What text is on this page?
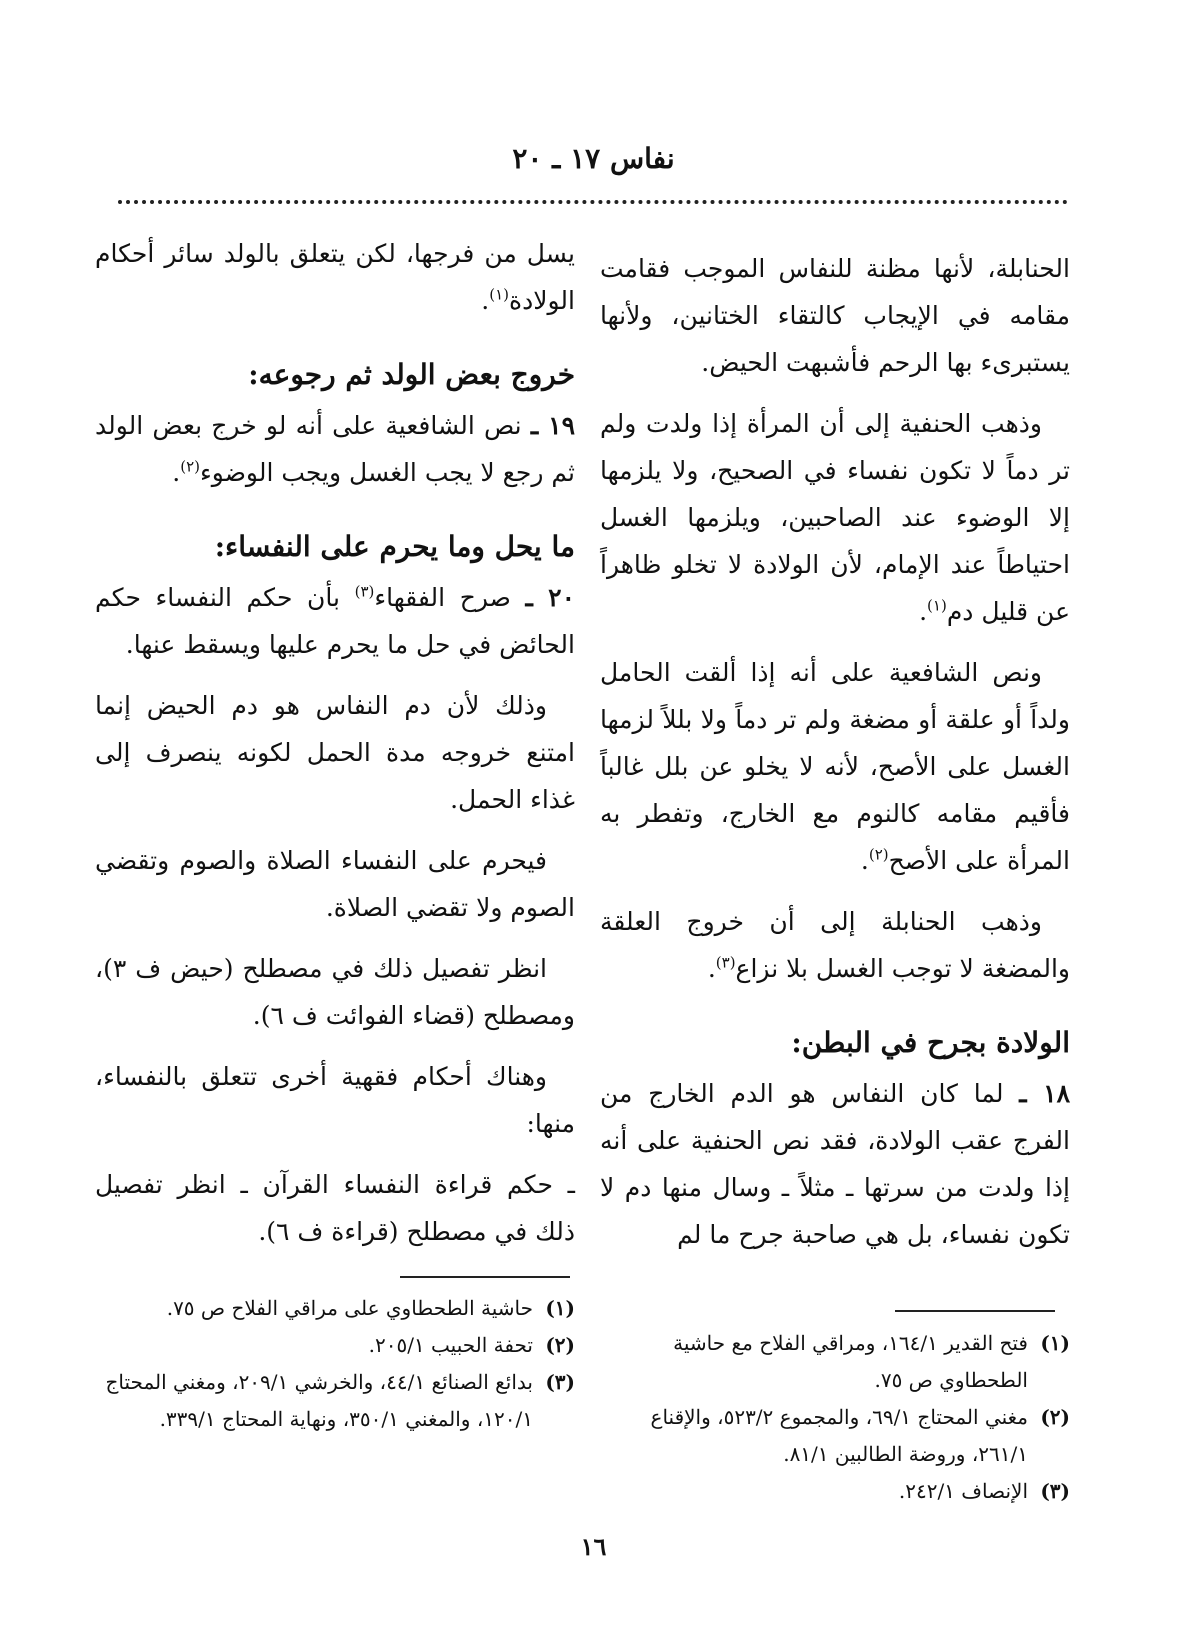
نفاس ١٧ ـ ٢٠

الحنابلة، لأنها مظنة للنفاس الموجب فقامت مقامه في الإيجاب كالتقاء الختانين، ولأنها يستبرىء بها الرحم فأشبهت الحيض.

وذهب الحنفية إلى أن المرأة إذا ولدت ولم تر دماً لا تكون نفساء في الصحيح، ولا يلزمها إلا الوضوء عند الصاحبين، ويلزمها الغسل احتياطاً عند الإمام، لأن الولادة لا تخلو ظاهراً عن قليل دم$^{(١)}$.

ونص الشافعية على أنه إذا ألقت الحامل ولداً أو علقة أو مضغة ولم تر دماً ولا بللاً لزمها الغسل على الأصح، لأنه لا يخلو عن بلل غالباً فأقيم مقامه كالنوم مع الخارج، وتفطر به المرأة على الأصح$^{(٢)}$.

وذهب الحنابلة إلى أن خروج العلقة والمضغة لا توجب الغسل بلا نزاع$^{(٣)}$.

الولادة بجرح في البطن:

١٨ ـ لما كان النفاس هو الدم الخارج من الفرج عقب الولادة، فقد نص الحنفية على أنه إذا ولدت من سرتها ـ مثلاً ـ وسال منها دم لا تكون نفساء، بل هي صاحبة جرح ما لم

يسل من فرجها، لكن يتعلق بالولد سائر أحكام الولادة$^{(١)}$.

خروج بعض الولد ثم رجوعه:

١٩ ـ نص الشافعية على أنه لو خرج بعض الولد ثم رجع لا يجب الغسل ويجب الوضوء$^{(٢)}$.

ما يحل وما يحرم على النفساء:

٢٠ ـ صرح الفقهاء$^{(٣)}$ بأن حكم النفساء حكم الحائض في حل ما يحرم عليها ويسقط عنها.

وذلك لأن دم النفاس هو دم الحيض إنما امتنع خروجه مدة الحمل لكونه ينصرف إلى غذاء الحمل.

فيحرم على النفساء الصلاة والصوم وتقضي الصوم ولا تقضي الصلاة.

انظر تفصيل ذلك في مصطلح (حيض ف ٣)، ومصطلح (قضاء الفوائت ف ٦).

وهناك أحكام فقهية أخرى تتعلق بالنفساء، منها:

ـ حكم قراءة النفساء القرآن ـ انظر تفصيل ذلك في مصطلح (قراءة ف ٦).

(١)
فتح القدير ١٦٤/١، ومراقي الفلاح مع حاشية الطحطاوي ص ٧٥.
(٢)
مغني المحتاج ٦٩/١، والمجموع ٥٢٣/٢، والإقناع ٢٦١/١، وروضة الطالبين ٨١/١.
(٣)
الإنصاف ٢٤٢/١.
(١)
حاشية الطحطاوي على مراقي الفلاح ص ٧٥.
(٢)
تحفة الحبيب ٢٠٥/١.
(٣)
بدائع الصنائع ٤٤/١، والخرشي ٢٠٩/١، ومغني المحتاج ١٢٠/١، والمغني ٣٥٠/١، ونهاية المحتاج ٣٣٩/١.
١٦
